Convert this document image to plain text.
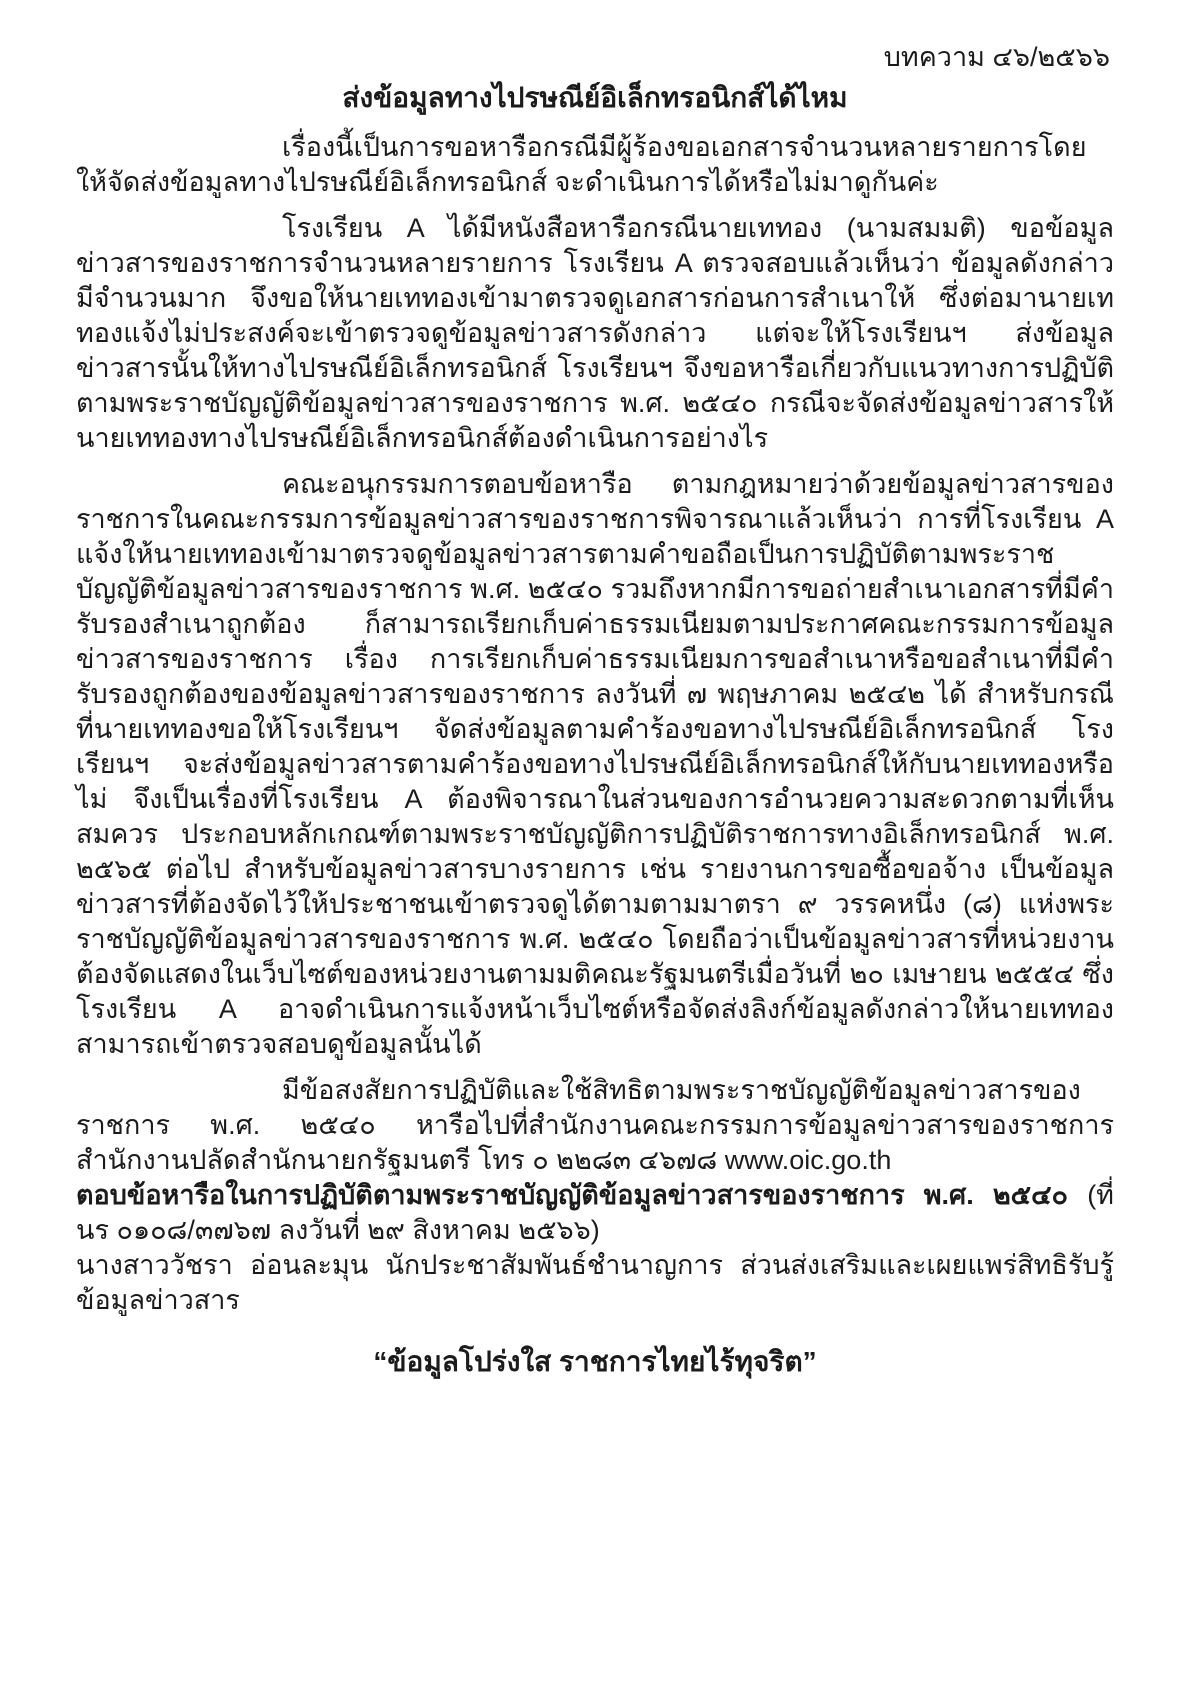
บทความ ๔๖/๒๕๖๖
ส่งข้อมูลทางไปรษณีย์อิเล็กทรอนิกส์ได้ไหม

เรื่องนี้เป็นการขอหารือกรณีมีผู้ร้องขอเอกสารจำนวนหลายรายการโดยให้จัดส่งข้อมูลทางไปรษณีย์อิเล็กทรอนิกส์ จะดำเนินการได้หรือไม่มาดูกันค่ะ

โรงเรียน A ได้มีหนังสือหารือกรณีนายเททอง (นามสมมติ) ขอข้อมูลข่าวสารของราชการจำนวนหลายรายการ โรงเรียน A ตรวจสอบแล้วเห็นว่า ข้อมูลดังกล่าวมีจำนวนมาก จึงขอให้นายเททองเข้ามาตรวจดูเอกสารก่อนการสำเนาให้ ซึ่งต่อมานายเททองแจ้งไม่ประสงค์จะเข้าตรวจดูข้อมูลข่าวสารดังกล่าว แต่จะให้โรงเรียนฯ ส่งข้อมูลข่าวสารนั้นให้ทางไปรษณีย์อิเล็กทรอนิกส์ โรงเรียนฯ จึงขอหารือเกี่ยวกับแนวทางการปฏิบัติตามพระราชบัญญัติข้อมูลข่าวสารของราชการ พ.ศ. ๒๕๔๐ กรณีจะจัดส่งข้อมูลข่าวสารให้นายเททองทางไปรษณีย์อิเล็กทรอนิกส์ต้องดำเนินการอย่างไร

คณะอนุกรรมการตอบข้อหารือ ตามกฎหมายว่าด้วยข้อมูลข่าวสารของราชการในคณะกรรมการข้อมูลข่าวสารของราชการพิจารณาแล้วเห็นว่า การที่โรงเรียน A แจ้งให้นายเททองเข้ามาตรวจดูข้อมูลข่าวสารตามคำขอถือเป็นการปฏิบัติตามพระราชบัญญัติข้อมูลข่าวสารของราชการ พ.ศ. ๒๕๔๐ รวมถึงหากมีการขอถ่ายสำเนาเอกสารที่มีคำรับรองสำเนาถูกต้อง ก็สามารถเรียกเก็บค่าธรรมเนียมตามประกาศคณะกรรมการข้อมูลข่าวสารของราชการ เรื่อง การเรียกเก็บค่าธรรมเนียมการขอสำเนาหรือขอสำเนาที่มีคำรับรองถูกต้องของข้อมูลข่าวสารของราชการ ลงวันที่ ๗ พฤษภาคม ๒๕๔๒ ได้ สำหรับกรณีที่นายเททองขอให้โรงเรียนฯ จัดส่งข้อมูลตามคำร้องขอทางไปรษณีย์อิเล็กทรอนิกส์ โรงเรียนฯ จะส่งข้อมูลข่าวสารตามคำร้องขอทางไปรษณีย์อิเล็กทรอนิกส์ให้กับนายเททองหรือไม่ จึงเป็นเรื่องที่โรงเรียน A ต้องพิจารณาในส่วนของการอำนวยความสะดวกตามที่เห็นสมควร ประกอบหลักเกณฑ์ตามพระราชบัญญัติการปฏิบัติราชการทางอิเล็กทรอนิกส์ พ.ศ. ๒๕๖๕ ต่อไป สำหรับข้อมูลข่าวสารบางรายการ เช่น รายงานการขอซื้อขอจ้าง เป็นข้อมูลข่าวสารที่ต้องจัดไว้ให้ประชาชนเข้าตรวจดูได้ตามตามมาตรา ๙ วรรคหนึ่ง (๘) แห่งพระราชบัญญัติข้อมูลข่าวสารของราชการ พ.ศ. ๒๕๔๐ โดยถือว่าเป็นข้อมูลข่าวสารที่หน่วยงานต้องจัดแสดงในเว็บไซต์ของหน่วยงานตามมติคณะรัฐมนตรีเมื่อวันที่ ๒๐ เมษายน ๒๕๕๔ ซึ่งโรงเรียน A อาจดำเนินการแจ้งหน้าเว็บไซต์หรือจัดส่งลิงก์ข้อมูลดังกล่าวให้นายเททองสามารถเข้าตรวจสอบดูข้อมูลนั้นได้

มีข้อสงสัยการปฏิบัติและใช้สิทธิตามพระราชบัญญัติข้อมูลข่าวสารของราชการ พ.ศ. ๒๕๔๐ หารือไปที่สำนักงานคณะกรรมการข้อมูลข่าวสารของราชการ สำนักงานปลัดสำนักนายกรัฐมนตรี โทร ๐ ๒๒๘๓ ๔๖๗๘ www.oic.go.th

ตอบข้อหารือในการปฏิบัติตามพระราชบัญญัติข้อมูลข่าวสารของราชการ พ.ศ. ๒๕๔๐ (ที่ นร ๐๑๐๘/๓๗๖๗ ลงวันที่ ๒๙ สิงหาคม ๒๕๖๖)

นางสาววัชรา อ่อนละมุน นักประชาสัมพันธ์ชำนาญการ ส่วนส่งเสริมและเผยแพร่สิทธิรับรู้ข้อมูลข่าวสาร

“ข้อมูลโปร่งใส ราชการไทยไร้ทุจริต”
